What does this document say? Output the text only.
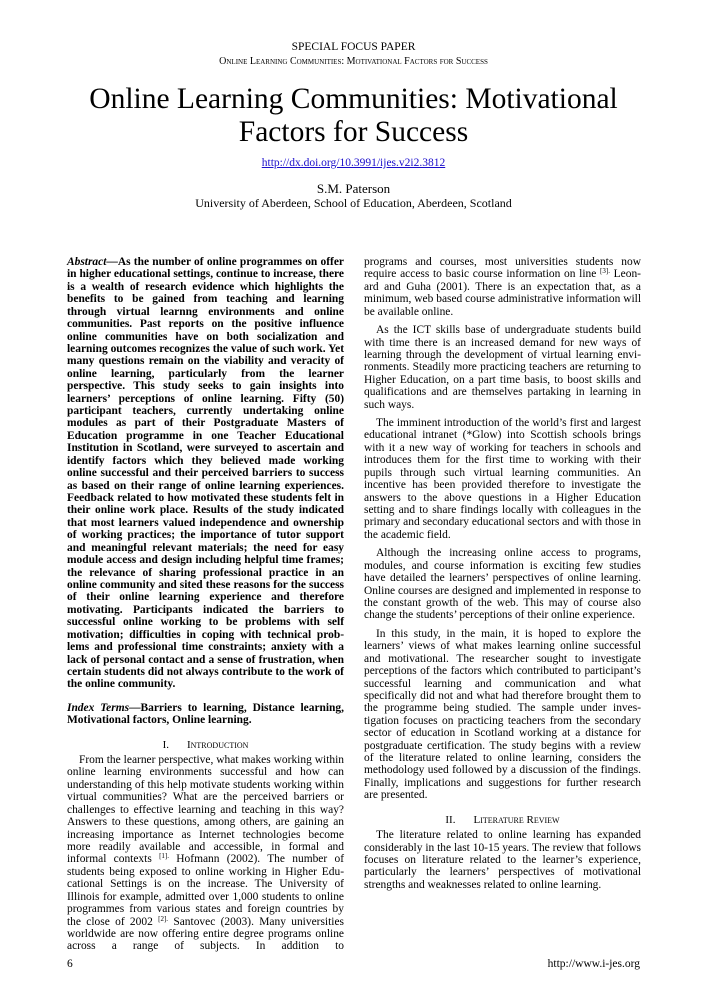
SPECIAL FOCUS PAPER
Online Learning Communities: Motivational Factors for Success
Online Learning Communities: Motivational
Factors for Success
http://dx.doi.org/10.3991/ijes.v2i2.3812
S.M. Paterson
University of Aberdeen, School of Education, Aberdeen, Scotland

Abstract—As the number of online programmes on offer in higher educational settings, continue to increase, there is a wealth of research evidence which highlights the benefits to be gained from teaching and learning through virtual learnng environments and online communities. Past reports on the positive influence online communities have on both socialization and learning outcomes recognizes the value of such work. Yet many questions remain on the viability and veracity of online learning, particularly from the learner perspective. This study seeks to gain insights into learners’ perceptions of online learning. Fifty (50) participant teachers, currently undertaking online modules as part of their Postgraduate Masters of Education programme in one Teacher Educational Institution in Scotland, were surveyed to ascertain and identify factors which they believed made working online successful and their perceived barriers to success as based on their range of online learning experiences. Feedback related to how motivated these students felt in their online work place. Results of the study indicated that most learners valued independence and ownership of working practices; the importance of tutor support and meaningful relevant materials; the need for easy module access and design including helpful time frames; the relevance of sharing professional practice in an online community and sited these reasons for the success of their online learning experience and therefore motivating. Participants indicated the barriers to successful online working to be problems with self motivation; difficulties in coping with technical problems and professional time constraints; anxiety with a lack of personal contact and a sense of frustration, when certain students did not always contribute to the work of the online community.

Index Terms—Barriers to learning, Distance learning, Motivational factors, Online learning.

I. Introduction

From the learner perspective, what makes working within online learning environments successful and how can understanding of this help motivate students working within virtual communities? What are the perceived barriers or challenges to effective learning and teaching in this way? Answers to these questions, among others, are gaining an increasing importance as Internet technologies become more readily available and accessible, in formal and informal contexts $^{[1].}$ Hofmann (2002). The number of students being exposed to online working in Higher Educational Settings is on the increase. The University of Illinois for example, admitted over 1,000 students to online programmes from various states and foreign countries by the close of 2002 $^{[2].}$ Santovec (2003). Many universities worldwide are now offering entire degree programs online across a range of subjects. In addition to

programs and courses, most universities students now require access to basic course information on line $^{[3].}$ Leonard and Guha (2001). There is an expectation that, as a minimum, web based course administrative information will be available online.

As the ICT skills base of undergraduate students build with time there is an increased demand for new ways of learning through the development of virtual learning environments. Steadily more practicing teachers are returning to Higher Education, on a part time basis, to boost skills and qualifications and are themselves partaking in learning in such ways.

The imminent introduction of the world’s first and largest educational intranet (*Glow) into Scottish schools brings with it a new way of working for teachers in schools and introduces them for the first time to working with their pupils through such virtual learning communities. An incentive has been provided therefore to investigate the answers to the above questions in a Higher Education setting and to share findings locally with colleagues in the primary and secondary educational sectors and with those in the academic field.

Although the increasing online access to programs, modules, and course information is exciting few studies have detailed the learners’ perspectives of online learning. Online courses are designed and implemented in response to the constant growth of the web. This may of course also change the students’ perceptions of their online experience.

In this study, in the main, it is hoped to explore the learners’ views of what makes learning online successful and motivational. The researcher sought to investigate perceptions of the factors which contributed to participant’s successful learning and communication and what specifically did not and what had therefore brought them to the programme being studied. The sample under investigation focuses on practicing teachers from the secondary sector of education in Scotland working at a distance for postgraduate certification. The study begins with a review of the literature related to online learning, considers the methodology used followed by a discussion of the findings. Finally, implications and suggestions for further research are presented.

II. Literature Review

The literature related to online learning has expanded considerably in the last 10-15 years. The review that follows focuses on literature related to the learner’s experience, particularly the learners’ perspectives of motivational strengths and weaknesses related to online learning.

6	http://www.i-jes.org
